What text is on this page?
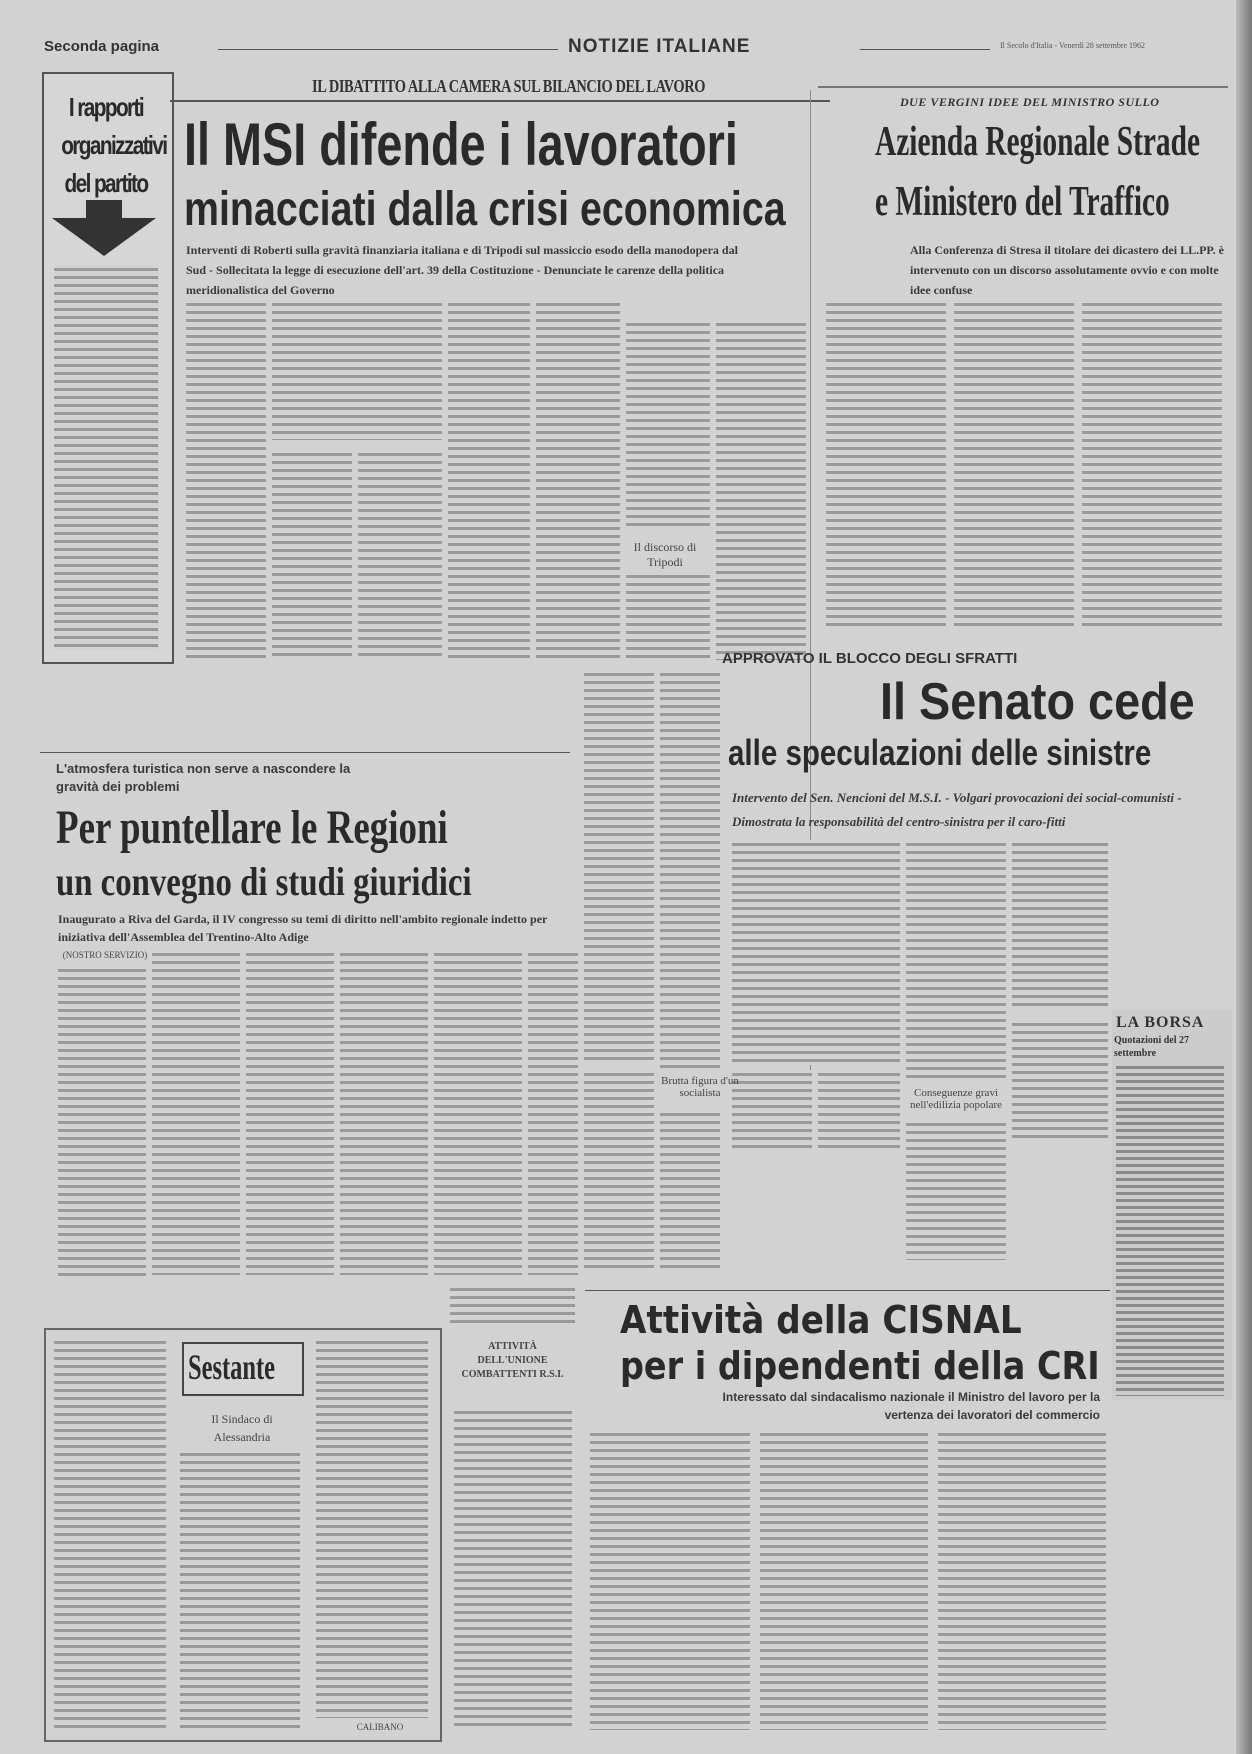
Seconda pagina	NOTIZIE ITALIANE	Il Secolo d'Italia - Venerdì 28 settembre 1962
I rapporti organizzativi del partito
IL DIBATTITO ALLA CAMERA SUL BILANCIO DEL LAVORO
Il MSI difende i lavoratori
minacciati dalla crisi economica
Interventi di Roberti sulla gravità finanziaria italiana e di Tripodi sul massiccio esodo della manodopera dal Sud - Sollecitata la legge di esecuzione dell'art. 39 della Costituzione - Denunciate le carenze della politica meridionalistica del Governo
Il discorso di Tripodi
DUE VERGINI IDEE DEL MINISTRO SULLO
Azienda Regionale Strade
e Ministero del Traffico
Alla Conferenza di Stresa il titolare dei dicastero dei LL.PP. è intervenuto con un discorso assolutamente ovvio e con molte idee confuse
APPROVATO IL BLOCCO DEGLI SFRATTI
Il Senato cede
alle speculazioni delle sinistre
Intervento del Sen. Nencioni del M.S.I. - Volgari provocazioni dei social-comunisti - Dimostrata la responsabilità del centro-sinistra per il caro-fitti
Conseguenze gravi nell'edilizia popolare
Brutta figura d'un socialista
LA BORSA
Quotazioni del 27 settembre
L'atmosfera turistica non serve a nascondere la gravità dei problemi
Per puntellare le Regioni
un convegno di studi giuridici
Inaugurato a Riva del Garda, il IV congresso su temi di diritto nell'ambito regionale indetto per iniziativa dell'Assemblea del Trentino-Alto Adige
(NOSTRO SERVIZIO)
Sestante
Il Sindaco di Alessandria
CALIBANO
ATTIVITÀ DELL'UNIONE COMBATTENTI R.S.I.
Attività della CISNAL
per i dipendenti della CRI
Interessato dal sindacalismo nazionale il Ministro del lavoro per la vertenza dei lavoratori del commercio
